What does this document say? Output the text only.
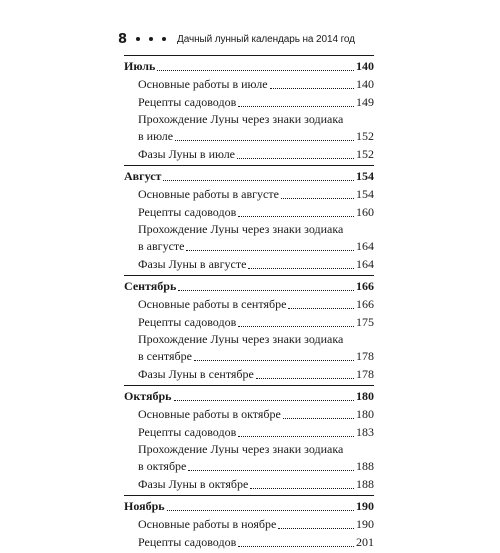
8	Дачный лунный календарь на 2014 год
Июль	140
Основные работы в июле	140
Рецепты садоводов	149
Прохождение Луны через знаки зодиака
в июле	152
Фазы Луны в июле	152
Август	154
Основные работы в августе	154
Рецепты садоводов	160
Прохождение Луны через знаки зодиака
в августе	164
Фазы Луны в августе	164
Сентябрь	166
Основные работы в сентябре	166
Рецепты садоводов	175
Прохождение Луны через знаки зодиака
в сентябре	178
Фазы Луны в сентябре	178
Октябрь	180
Основные работы в октябре	180
Рецепты садоводов	183
Прохождение Луны через знаки зодиака
в октябре	188
Фазы Луны в октябре	188
Ноябрь	190
Основные работы в ноябре	190
Рецепты садоводов	201
